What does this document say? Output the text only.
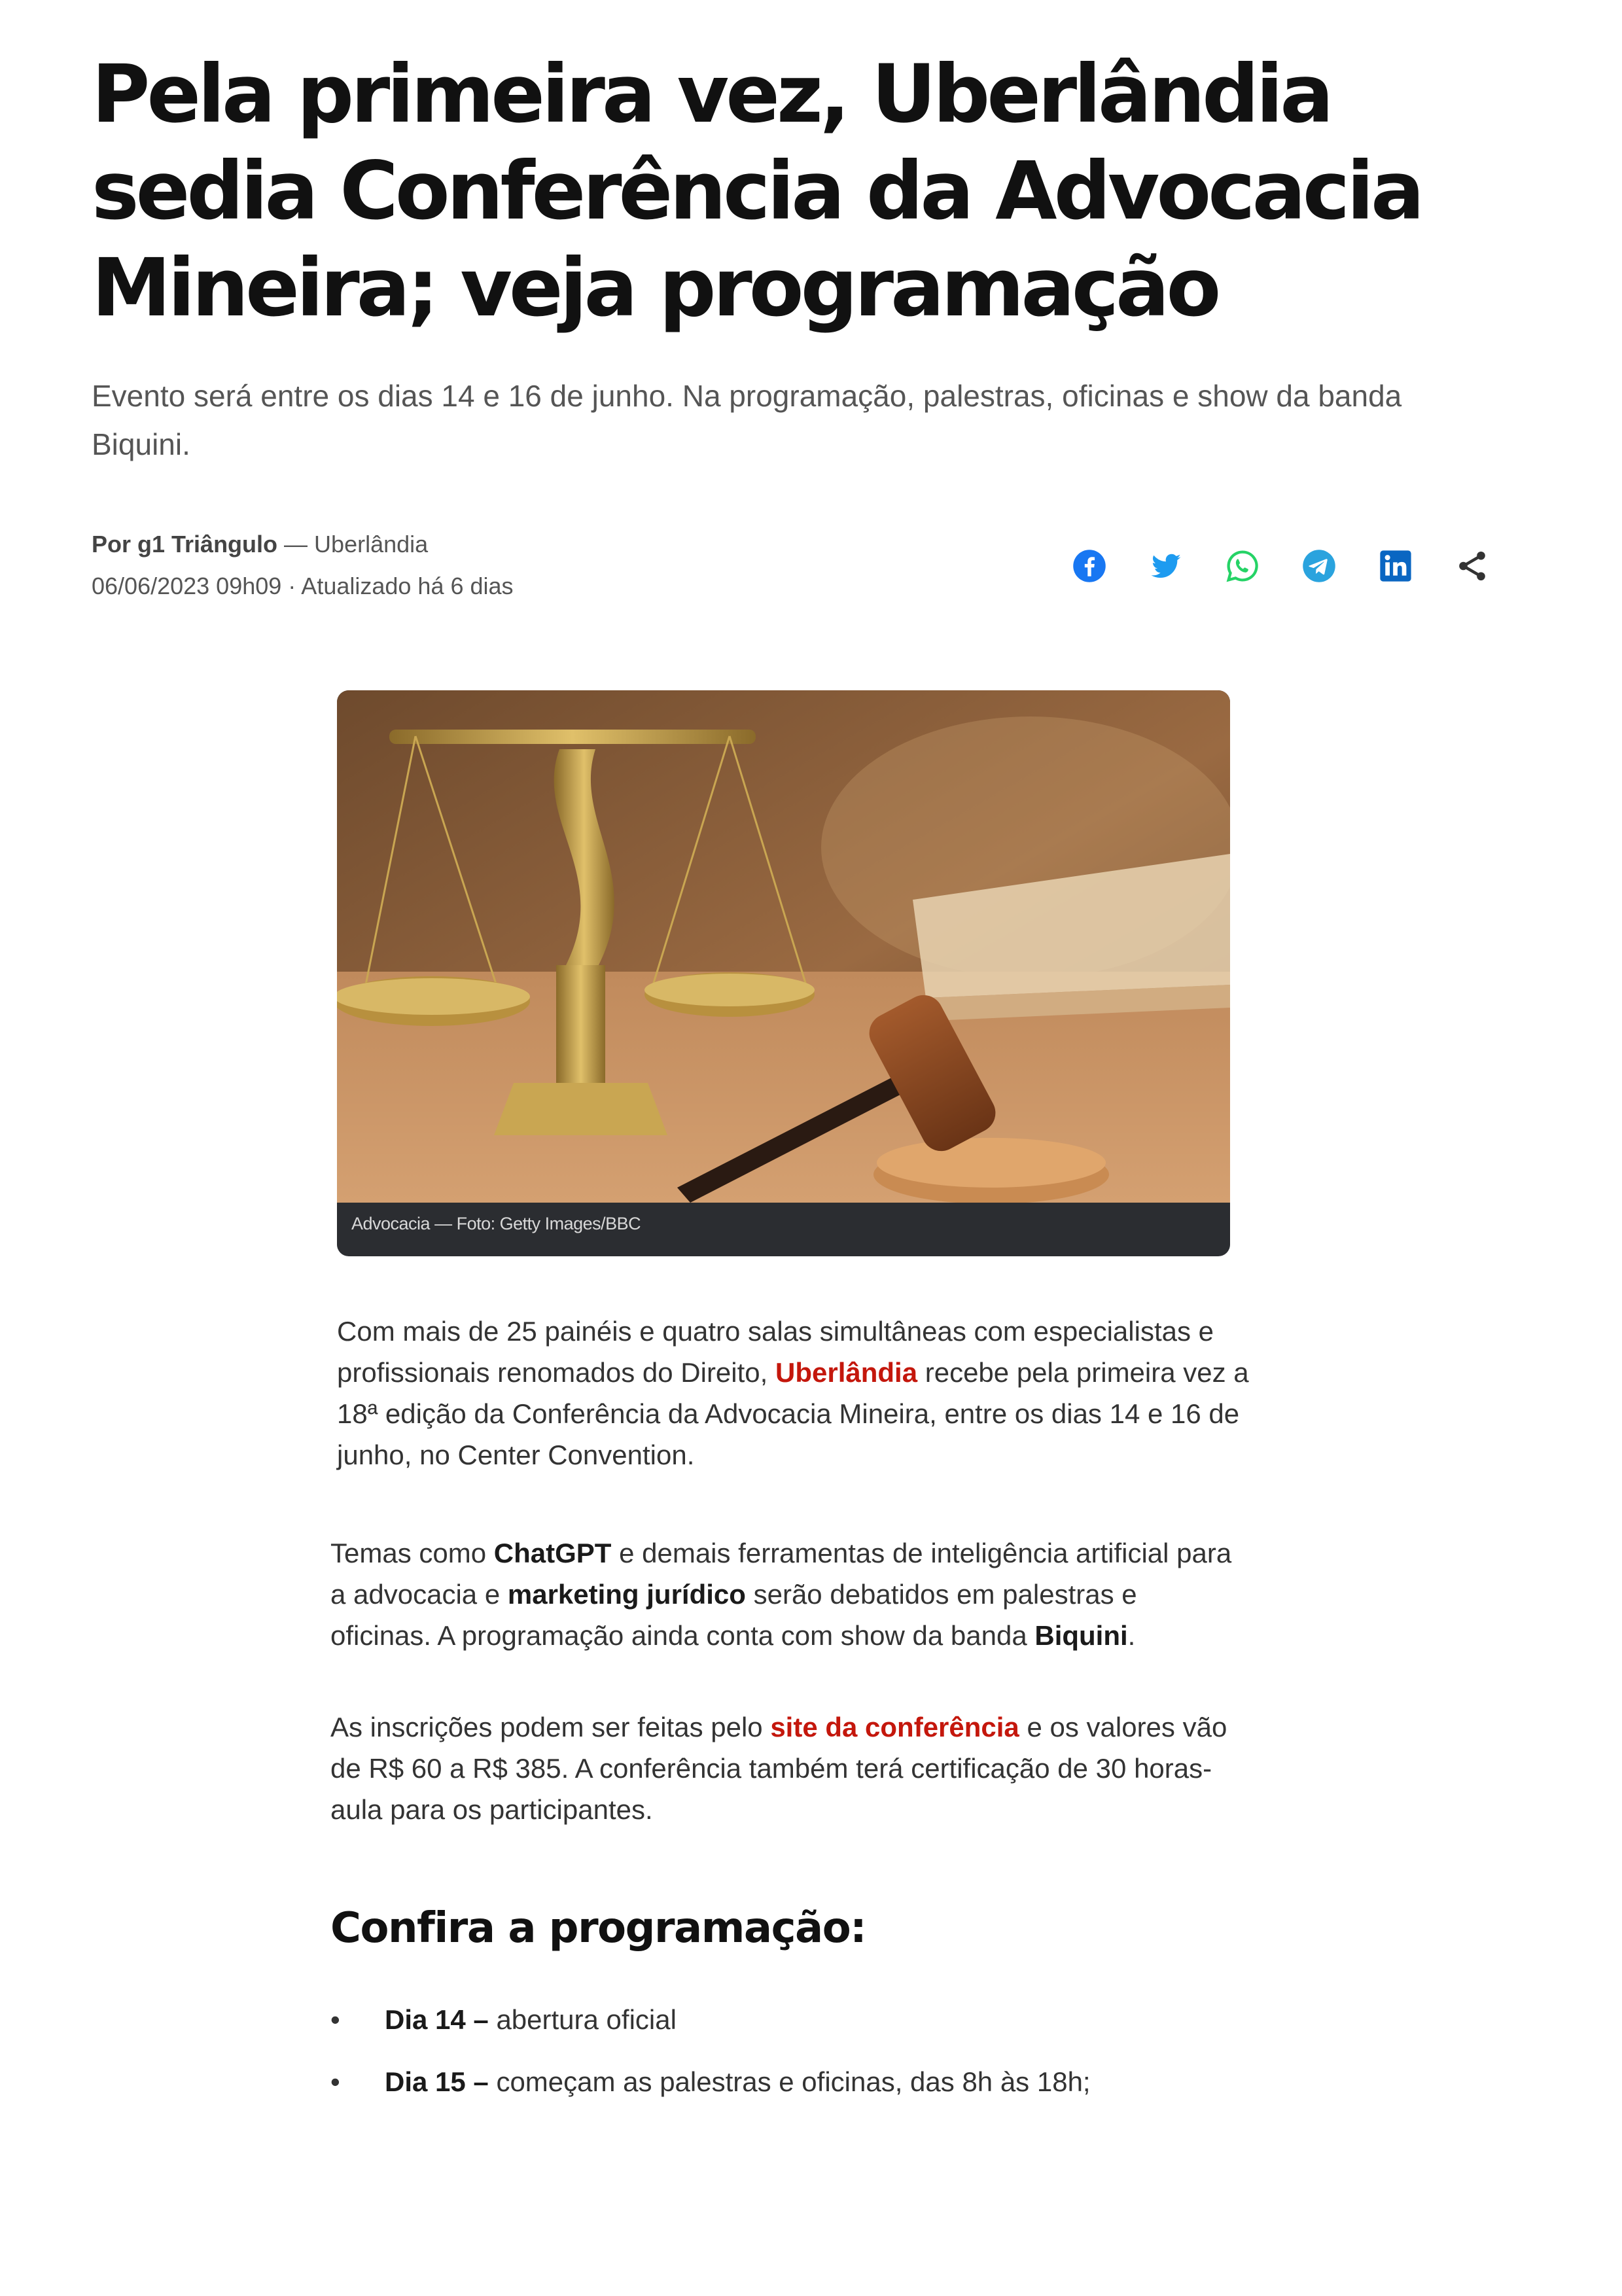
Pela primeira vez, Uberlândia sedia Conferência da Advocacia Mineira; veja programação

Evento será entre os dias 14 e 16 de junho. Na programação, palestras, oficinas e show da banda Biquini.

Por g1 Triângulo — Uberlândia
06/06/2023 09h09 · Atualizado há 6 dias
Advocacia — Foto: Getty Images/BBC

Com mais de 25 painéis e quatro salas simultâneas com especialistas e profissionais renomados do Direito, Uberlândia recebe pela primeira vez a 18ª edição da Conferência da Advocacia Mineira, entre os dias 14 e 16 de junho, no Center Convention.

Temas como ChatGPT e demais ferramentas de inteligência artificial para a advocacia e marketing jurídico serão debatidos em palestras e oficinas. A programação ainda conta com show da banda Biquini.

As inscrições podem ser feitas pelo site da conferência e os valores vão de R$ 60 a R$ 385. A conferência também terá certificação de 30 horas-aula para os participantes.

Confira a programação:
• Dia 14 – abertura oficial
• Dia 15 – começam as palestras e oficinas, das 8h às 18h;
